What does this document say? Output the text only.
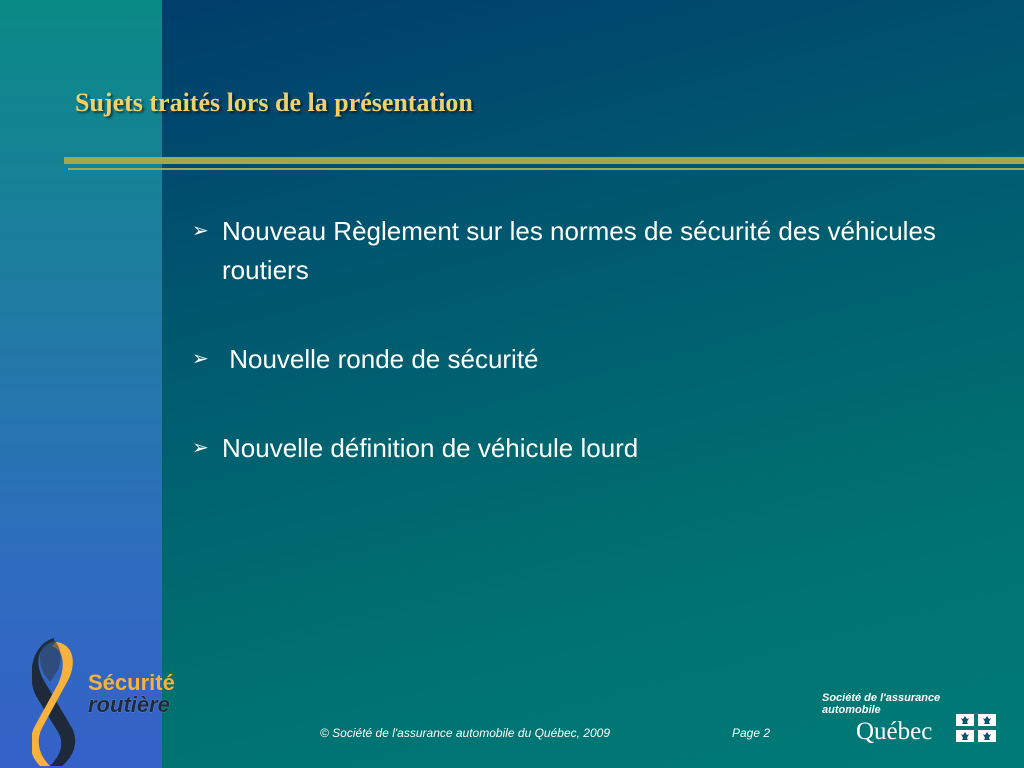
Sujets traités lors de la présentation
➢ Nouveau Règlement sur les normes de sécurité des véhicules routiers
➢ Nouvelle ronde de sécurité
➢ Nouvelle définition de véhicule lourd
Sécurité
routière
© Société de l'assurance automobile du Québec, 2009	Page 2
Société de l'assurance
automobile
Québec
